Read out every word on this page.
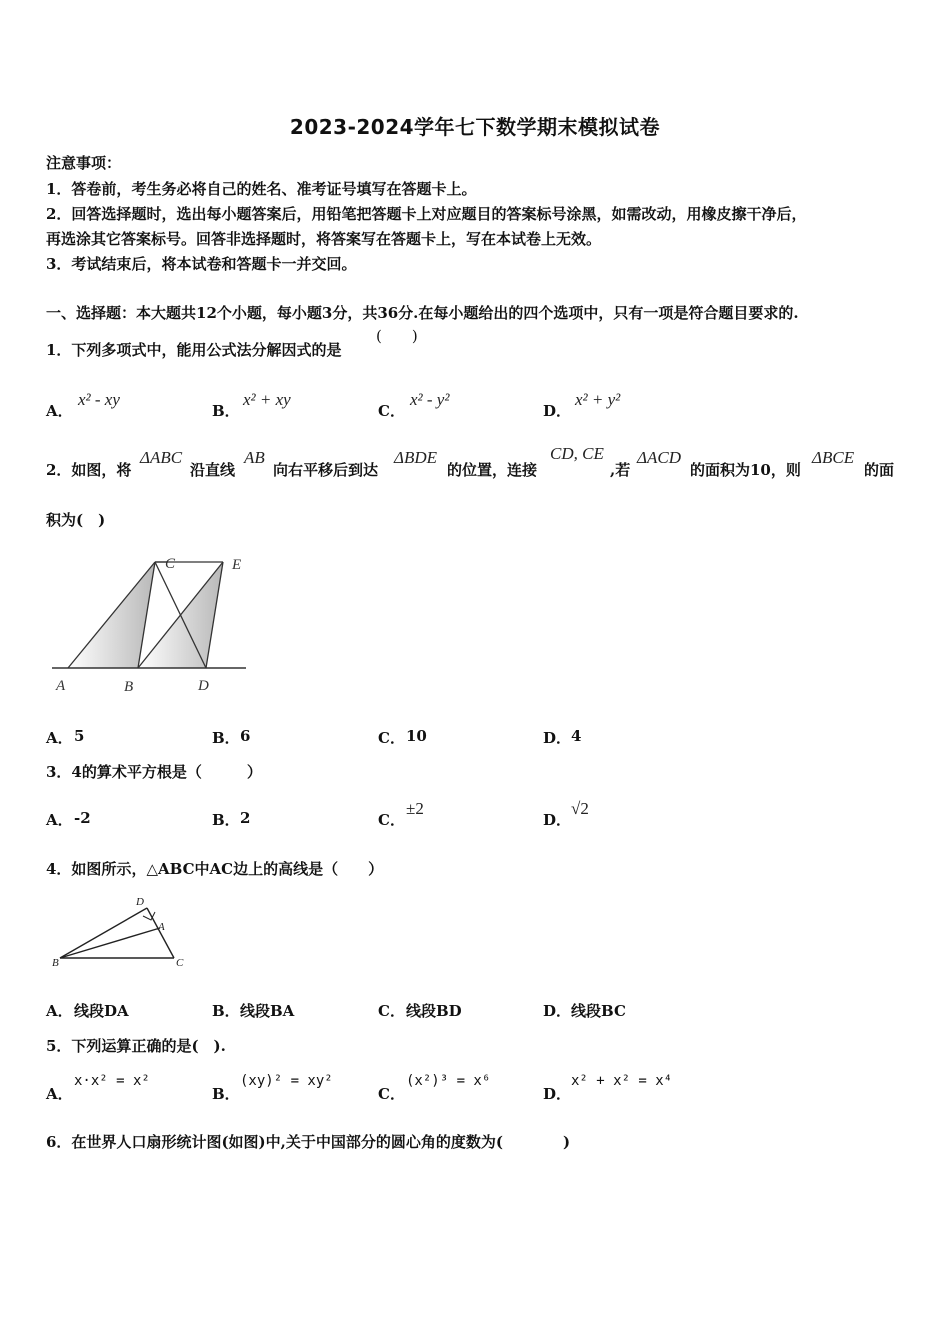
2023-2024学年七下数学期末模拟试卷
注意事项：
1．答卷前，考生务必将自己的姓名、准考证号填写在答题卡上。
2．回答选择题时，选出每小题答案后，用铅笔把答题卡上对应题目的答案标号涂黑，如需改动，用橡皮擦干净后，
再选涂其它答案标号。回答非选择题时，将答案写在答题卡上，写在本试卷上无效。
3．考试结束后，将本试卷和答题卡一并交回。
一、选择题：本大题共12个小题，每小题3分，共36分.在每小题给出的四个选项中，只有一项是符合题目要求的.
1．下列多项式中，能用公式法分解因式的是
(　　)
A．
x² - xy
B．
x² + xy
C．
x² - y²
D．
x² + y²
2．如图，将
ΔABC
沿直线
AB
向右平移后到达
ΔBDE
的位置，连接
CD, CE
,若
ΔACD
的面积为10，则
ΔBCE
的面
积为(　)
C	E
A	B	D
A． 5	B． 6	C． 10	D． 4
3．4的算术平方根是（　　　）
A． -2	B． 2	C．
±2
D．
√2
4．如图所示，△ABC中AC边上的高线是（　　）
D
A
B	C
A． 线段DA	B． 线段BA	C． 线段BD	D． 线段BC
5．下列运算正确的是(　).
A．
x·x² = x²
B．
(xy)² = xy²
C．
(x²)³ = x⁶
D．
x² + x² = x⁴
6．在世界人口扇形统计图(如图)中,关于中国部分的圆心角的度数为(　　　　)
